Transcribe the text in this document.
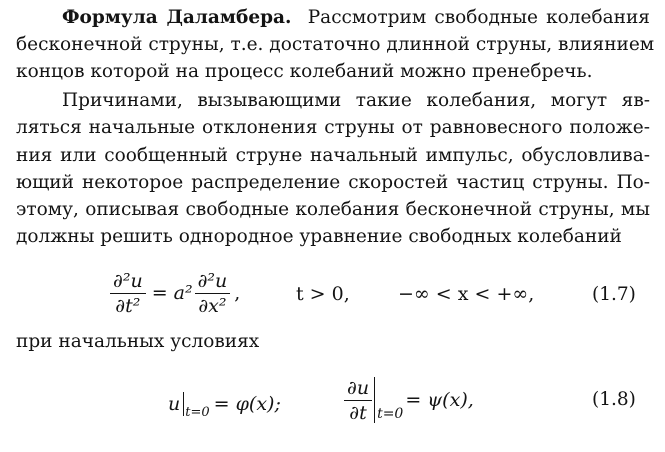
Формула Даламбера. Рассмотрим свободные колебания
бесконечной струны, т.е. достаточно длинной струны, влиянием
концов которой на процесс колебаний можно пренебречь.
Причинами, вызывающими такие колебания, могут яв-
ляться начальные отклонения струны от равновесного положе-
ния или сообщенный струне начальный импульс, обусловлива-
ющий некоторое распределение скоростей частиц струны. По-
этому, описывая свободные колебания бесконечной струны, мы
должны решить однородное уравнение свободных колебаний
$\frac{\text{∂²u}}{\text{∂t²}} = a^2 \frac{\text{∂²u}}{\text{∂x²}}$ ,	t > 0,	−∞ < x < +∞,	(1.7)
при начальных условиях
u t=0 = φ(x);	$\frac{\partial u}{\partial t} t=0$
= ψ(x),	(1.8)
